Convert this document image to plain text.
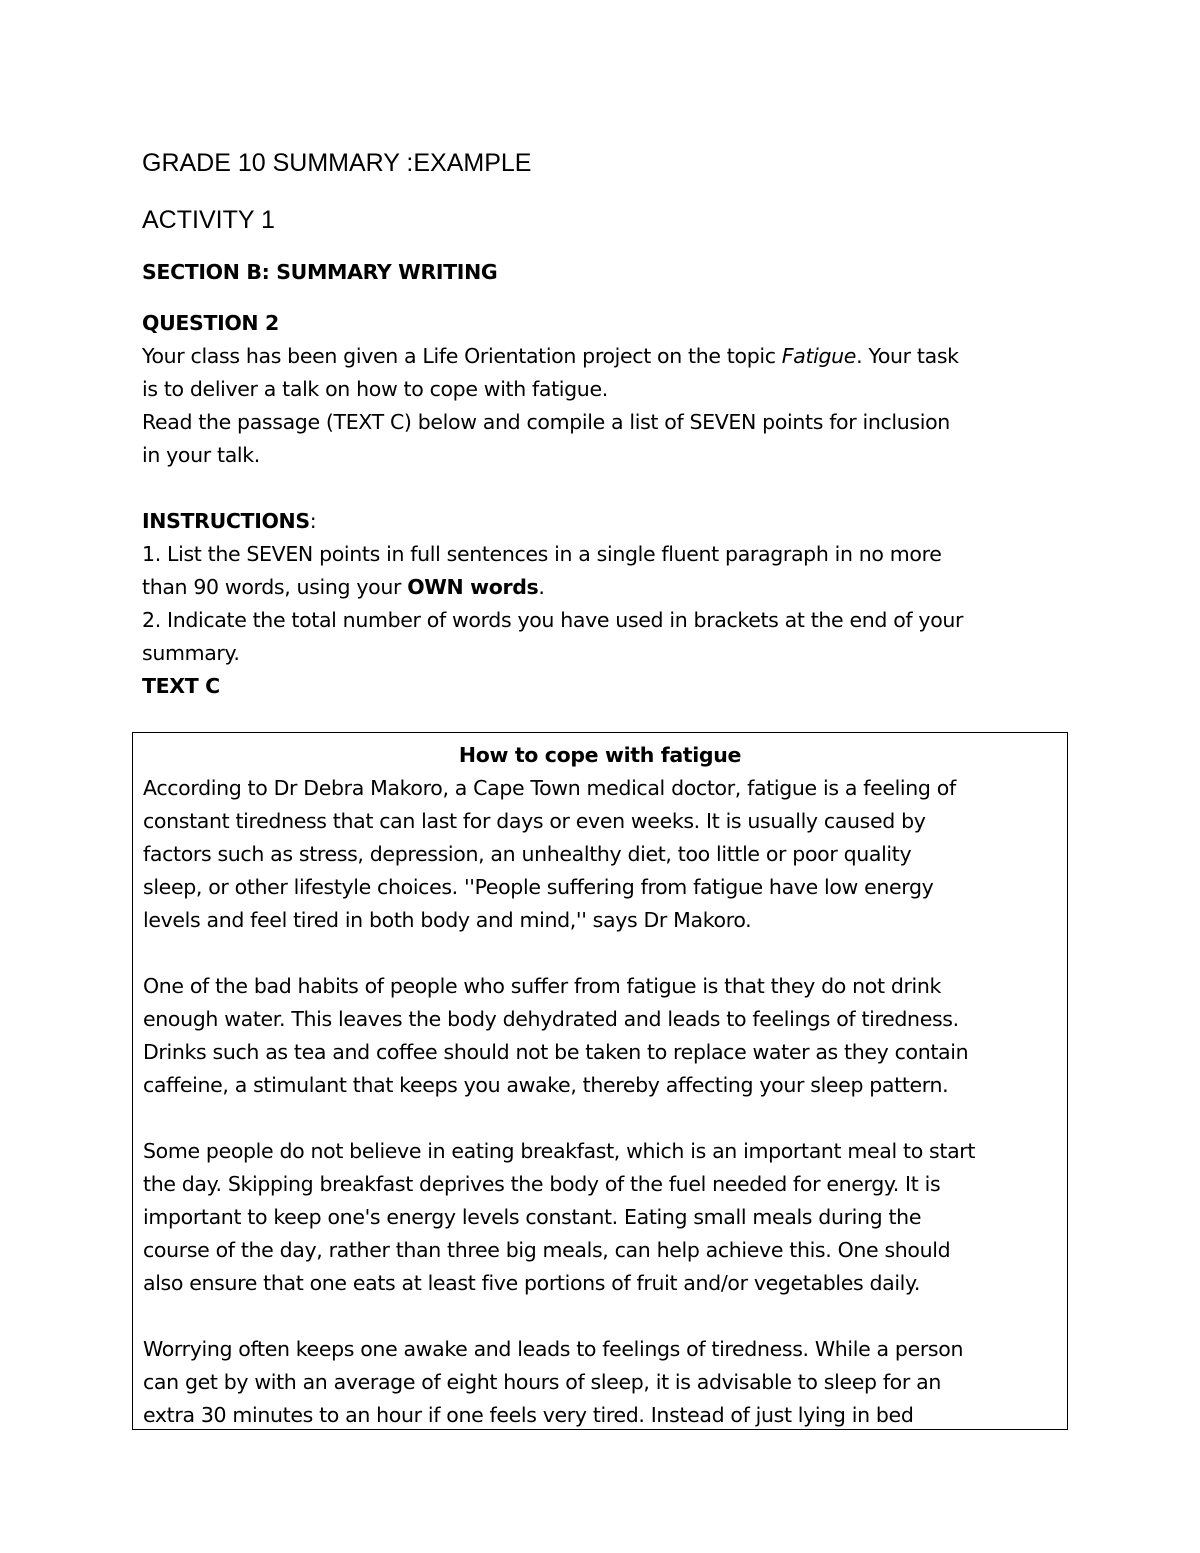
GRADE 10 SUMMARY :EXAMPLE
ACTIVITY 1
SECTION B: SUMMARY WRITING
QUESTION 2
Your class has been given a Life Orientation project on the topic Fatigue. Your task
is to deliver a talk on how to cope with fatigue.
Read the passage (TEXT C) below and compile a list of SEVEN points for inclusion
in your talk.
INSTRUCTIONS:
1. List the SEVEN points in full sentences in a single fluent paragraph in no more
than 90 words, using your OWN words.
2. Indicate the total number of words you have used in brackets at the end of your
summary.
TEXT C
How to cope with fatigue
According to Dr Debra Makoro, a Cape Town medical doctor, fatigue is a feeling of
constant tiredness that can last for days or even weeks. It is usually caused by
factors such as stress, depression, an unhealthy diet, too little or poor quality
sleep, or other lifestyle choices. ''People suffering from fatigue have low energy
levels and feel tired in both body and mind,'' says Dr Makoro.
One of the bad habits of people who suffer from fatigue is that they do not drink
enough water. This leaves the body dehydrated and leads to feelings of tiredness.
Drinks such as tea and coffee should not be taken to replace water as they contain
caffeine, a stimulant that keeps you awake, thereby affecting your sleep pattern.
Some people do not believe in eating breakfast, which is an important meal to start
the day. Skipping breakfast deprives the body of the fuel needed for energy. It is
important to keep one's energy levels constant. Eating small meals during the
course of the day, rather than three big meals, can help achieve this. One should
also ensure that one eats at least five portions of fruit and/or vegetables daily.
Worrying often keeps one awake and leads to feelings of tiredness. While a person
can get by with an average of eight hours of sleep, it is advisable to sleep for an
extra 30 minutes to an hour if one feels very tired. Instead of just lying in bed
